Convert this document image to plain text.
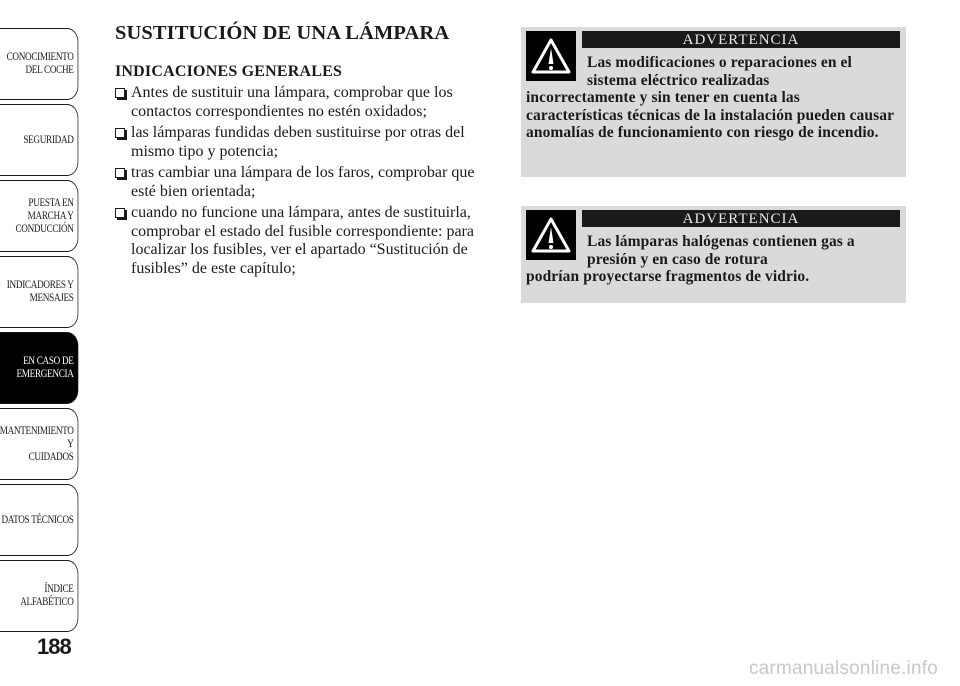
CONOCIMIENTO
DEL COCHE
SEGURIDAD
PUESTA EN
MARCHA Y
CONDUCCIÓN
INDICADORES Y
MENSAJES
EN CASO DE
EMERGENCIA
MANTENIMIENTO Y
CUIDADOS
DATOS TÉCNICOS
ÍNDICE
ALFABÉTICO
188
SUSTITUCIÓN DE UNA LÁMPARA
INDICACIONES GENERALES
Antes de sustituir una lámpara, comprobar que los contactos correspondientes no estén oxidados;
las lámparas fundidas deben sustituirse por otras del mismo tipo y potencia;
tras cambiar una lámpara de los faros, comprobar que esté bien orientada;
cuando no funcione una lámpara, antes de sustituirla, comprobar el estado del fusible correspondiente: para localizar los fusibles, ver el apartado “Sustitución de fusibles” de este capítulo;
ADVERTENCIA
Las modificaciones o reparaciones en el sistema eléctrico realizadas
incorrectamente y sin tener en cuenta las características técnicas de la instalación pueden causar anomalías de funcionamiento con riesgo de incendio.
ADVERTENCIA
Las lámparas halógenas contienen gas a presión y en caso de rotura
podrían proyectarse fragmentos de vidrio.
carmanualsonline.info
